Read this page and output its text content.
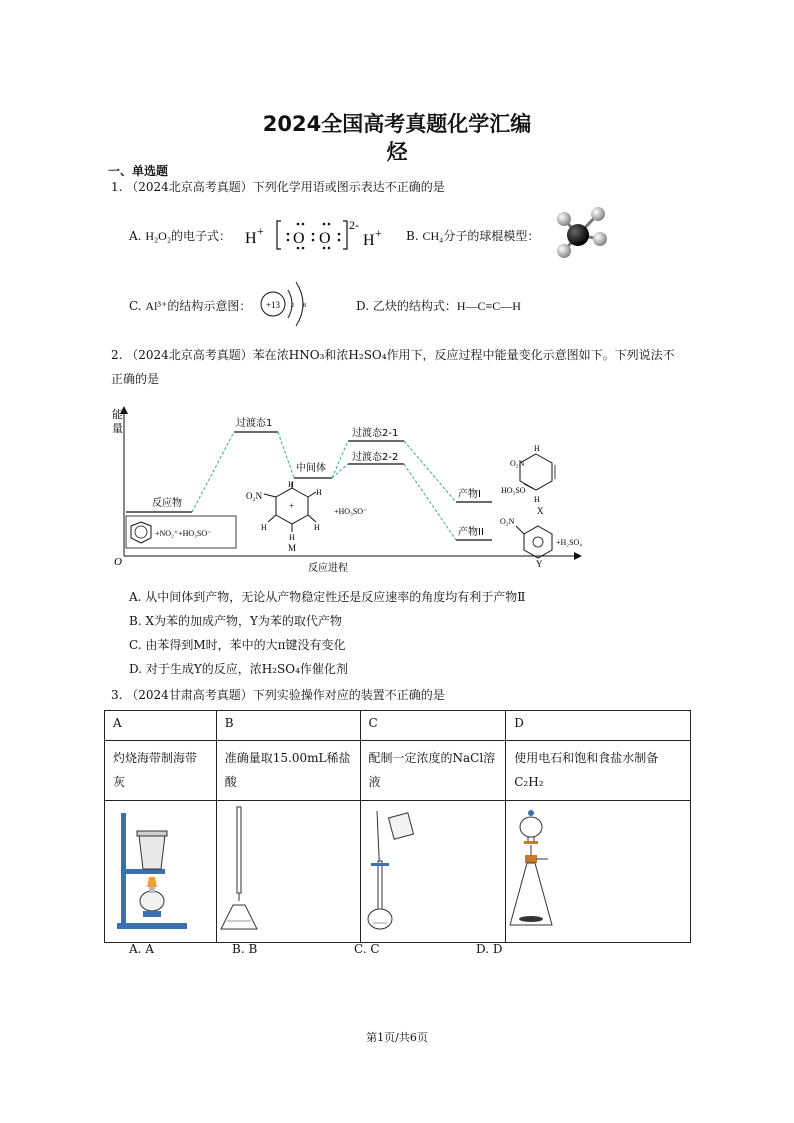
2024全国高考真题化学汇编
烃
一、单选题
1. （2024北京高考真题）下列化学用语或图示表达不正确的是
A. H₂O₂的电子式： H + O O
2-
H + B. CH₄分子的球棍模型：
C. Al³⁺的结构示意图： +13 2 8	D. 乙炔的结构式：H—C≡C—H
2. （2024北京高考真题）苯在浓HNO₃和浓H₂SO₄作用下，反应过程中能量变化示意图如下。下列说法不
正确的是
能
量
O
反应进程
反应物
过渡态1
中间体
过渡态2-1
过渡态2-2
产物I
产物II
+NO₂⁺+HO₃SO⁻
+
O₂N
H
H
H	H
H
M
+HO₃SO⁻
H
O₂N
HO₃SO
H
X
O₂N
+H₂SO₄
Y
A. 从中间体到产物，无论从产物稳定性还是反应速率的角度均有利于产物Ⅱ
B. X为苯的加成产物，Y为苯的取代产物
C. 由苯得到M时，苯中的大π键没有变化
D. 对于生成Y的反应，浓H₂SO₄作催化剂
3. （2024甘肃高考真题）下列实验操作对应的装置不正确的是
A	B	C	D
灼烧海带制海带灰	准确量取15.00mL稀盐酸	配制一定浓度的NaCl溶液	使用电石和饱和食盐水制备C₂H₂

A. A	B. B	C. C	D. D
第1页/共6页
